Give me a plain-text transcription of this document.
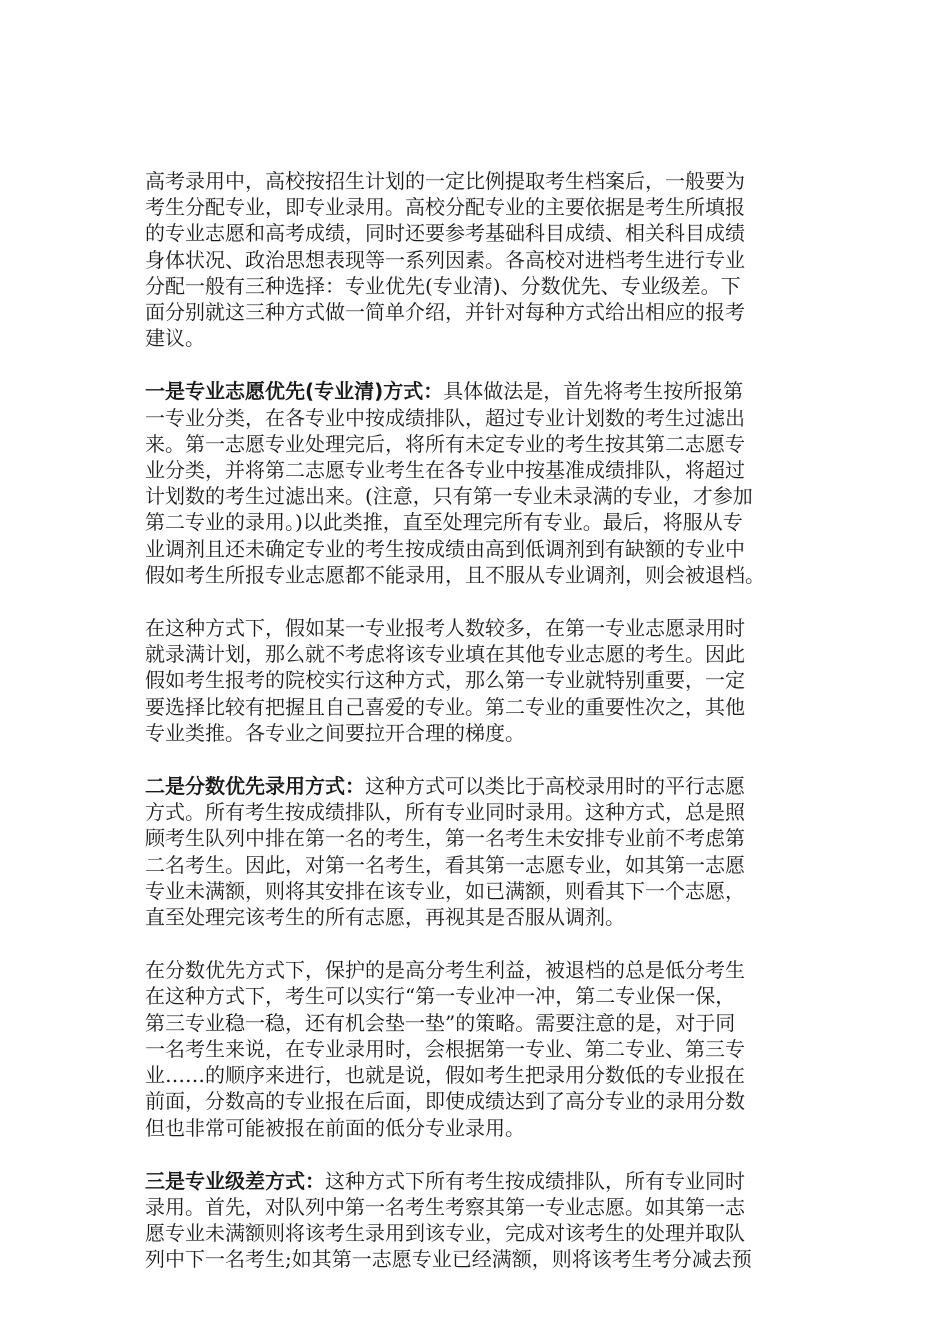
高考录用中，高校按招生计划的一定比例提取考生档案后，一般要为
考生分配专业，即专业录用。高校分配专业的主要依据是考生所填报
的专业志愿和高考成绩，同时还要参考基础科目成绩、相关科目成绩
身体状况、政治思想表现等一系列因素。各高校对进档考生进行专业
分配一般有三种选择：专业优先(专业清)、分数优先、专业级差。下
面分别就这三种方式做一简单介绍，并针对每种方式给出相应的报考
建议。

一是专业志愿优先(专业清)方式：具体做法是，首先将考生按所报第
一专业分类，在各专业中按成绩排队，超过专业计划数的考生过滤出
来。第一志愿专业处理完后，将所有未定专业的考生按其第二志愿专
业分类，并将第二志愿专业考生在各专业中按基准成绩排队，将超过
计划数的考生过滤出来。(注意，只有第一专业未录满的专业，才参加
第二专业的录用。)以此类推，直至处理完所有专业。最后，将服从专
业调剂且还未确定专业的考生按成绩由高到低调剂到有缺额的专业中
假如考生所报专业志愿都不能录用，且不服从专业调剂，则会被退档。

在这种方式下，假如某一专业报考人数较多，在第一专业志愿录用时
就录满计划，那么就不考虑将该专业填在其他专业志愿的考生。因此
假如考生报考的院校实行这种方式，那么第一专业就特别重要，一定
要选择比较有把握且自己喜爱的专业。第二专业的重要性次之，其他
专业类推。各专业之间要拉开合理的梯度。

二是分数优先录用方式：这种方式可以类比于高校录用时的平行志愿
方式。所有考生按成绩排队，所有专业同时录用。这种方式，总是照
顾考生队列中排在第一名的考生，第一名考生未安排专业前不考虑第
二名考生。因此，对第一名考生，看其第一志愿专业，如其第一志愿
专业未满额，则将其安排在该专业，如已满额，则看其下一个志愿，
直至处理完该考生的所有志愿，再视其是否服从调剂。

在分数优先方式下，保护的是高分考生利益，被退档的总是低分考生
在这种方式下，考生可以实行“第一专业冲一冲，第二专业保一保，
第三专业稳一稳，还有机会垫一垫”的策略。需要注意的是，对于同
一名考生来说，在专业录用时，会根据第一专业、第二专业、第三专
业……的顺序来进行，也就是说，假如考生把录用分数低的专业报在
前面，分数高的专业报在后面，即使成绩达到了高分专业的录用分数
但也非常可能被报在前面的低分专业录用。

三是专业级差方式：这种方式下所有考生按成绩排队，所有专业同时
录用。首先，对队列中第一名考生考察其第一专业志愿。如其第一志
愿专业未满额则将该考生录用到该专业，完成对该考生的处理并取队
列中下一名考生;如其第一志愿专业已经满额，则将该考生考分减去预
